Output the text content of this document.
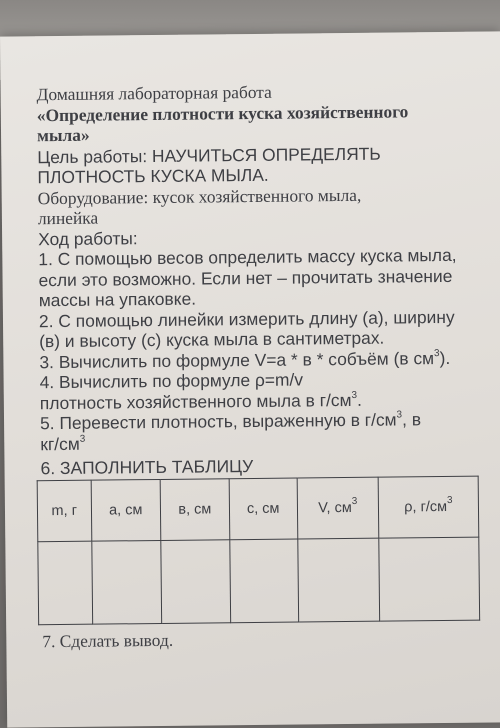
Домашняя лабораторная работа
«Определение плотности куска хозяйственного
мыла»
Цель работы: НАУЧИТЬСЯ ОПРЕДЕЛЯТЬ
ПЛОТНОСТЬ КУСКА МЫЛА.
Оборудование: кусок хозяйственного мыла,
линейка
Ход работы:
1. С помощью весов определить массу куска мыла,
если это возможно. Если нет – прочитать значение
массы на упаковке.
2. С помощью линейки измерить длину (а), ширину
(в) и высоту (с) куска мыла в сантиметрах.
3. Вычислить по формуле V=а * в * собъём (в $см^3$).
4. Вычислить по формуле ρ=m/v
плотность хозяйственного мыла в $г/см^3$.
5. Перевести плотность, выраженную в $г/см^3$, в
$кг/см^3$
6. ЗАПОЛНИТЬ ТАБЛИЦУ
m, г	а, см	в, см	с, см	V, $см^3$	ρ, $г/см^3$

7. Сделать вывод.
